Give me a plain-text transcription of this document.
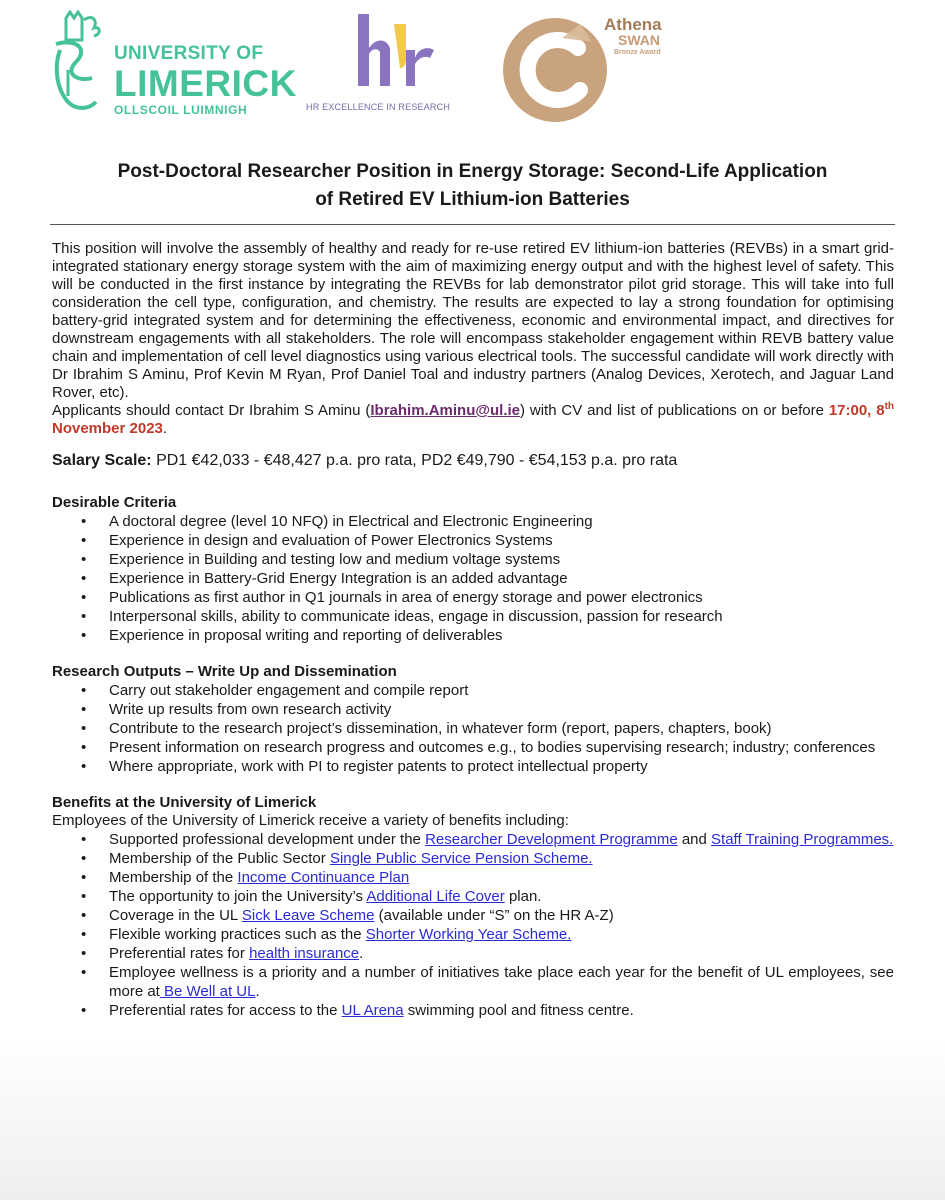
UNIVERSITY OF
LIMERICK
OLLSCOIL LUIMNIGH	HR EXCELLENCE IN RESEARCH
Athena
SWAN
Bronze Award
Post-Doctoral Researcher Position in Energy Storage: Second-Life Application
of Retired EV Lithium-ion Batteries

This position will involve the assembly of healthy and ready for re-use retired EV lithium-ion batteries (REVBs) in a smart grid-integrated stationary energy storage system with the aim of maximizing energy output and with the highest level of safety. This will be conducted in the first instance by integrating the REVBs for lab demonstrator pilot grid storage. This will take into full consideration the cell type, configuration, and chemistry. The results are expected to lay a strong foundation for optimising battery-grid integrated system and for determining the effectiveness, economic and environmental impact, and directives for downstream engagements with all stakeholders. The role will encompass stakeholder engagement within REVB battery value chain and implementation of cell level diagnostics using various electrical tools. The successful candidate will work directly with Dr Ibrahim S Aminu, Prof Kevin M Ryan, Prof Daniel Toal and industry partners (Analog Devices, Xerotech, and Jaguar Land Rover, etc).

Applicants should contact Dr Ibrahim S Aminu (Ibrahim.Aminu@ul.ie) with CV and list of publications on or before 17:00, 8th November 2023.

Salary Scale: PD1 €42,033 - €48,427 p.a. pro rata, PD2 €49,790 - €54,153 p.a. pro rata

Desirable Criteria
• A doctoral degree (level 10 NFQ) in Electrical and Electronic Engineering
• Experience in design and evaluation of Power Electronics Systems
• Experience in Building and testing low and medium voltage systems
• Experience in Battery-Grid Energy Integration is an added advantage
• Publications as first author in Q1 journals in area of energy storage and power electronics
• Interpersonal skills, ability to communicate ideas, engage in discussion, passion for research
• Experience in proposal writing and reporting of deliverables
Research Outputs – Write Up and Dissemination
• Carry out stakeholder engagement and compile report
• Write up results from own research activity
• Contribute to the research project’s dissemination, in whatever form (report, papers, chapters, book)
• Present information on research progress and outcomes e.g., to bodies supervising research; industry; conferences
• Where appropriate, work with PI to register patents to protect intellectual property
Benefits at the University of Limerick

Employees of the University of Limerick receive a variety of benefits including:

• Supported professional development under the Researcher Development Programme and Staff Training Programmes.
• Membership of the Public Sector Single Public Service Pension Scheme.
• Membership of the Income Continuance Plan
• The opportunity to join the University’s Additional Life Cover plan.
• Coverage in the UL Sick Leave Scheme (available under “S” on the HR A-Z)
• Flexible working practices such as the Shorter Working Year Scheme.
• Preferential rates for health insurance.
• Employee wellness is a priority and a number of initiatives take place each year for the benefit of UL employees, see more at Be Well at UL.
• Preferential rates for access to the UL Arena swimming pool and fitness centre.
